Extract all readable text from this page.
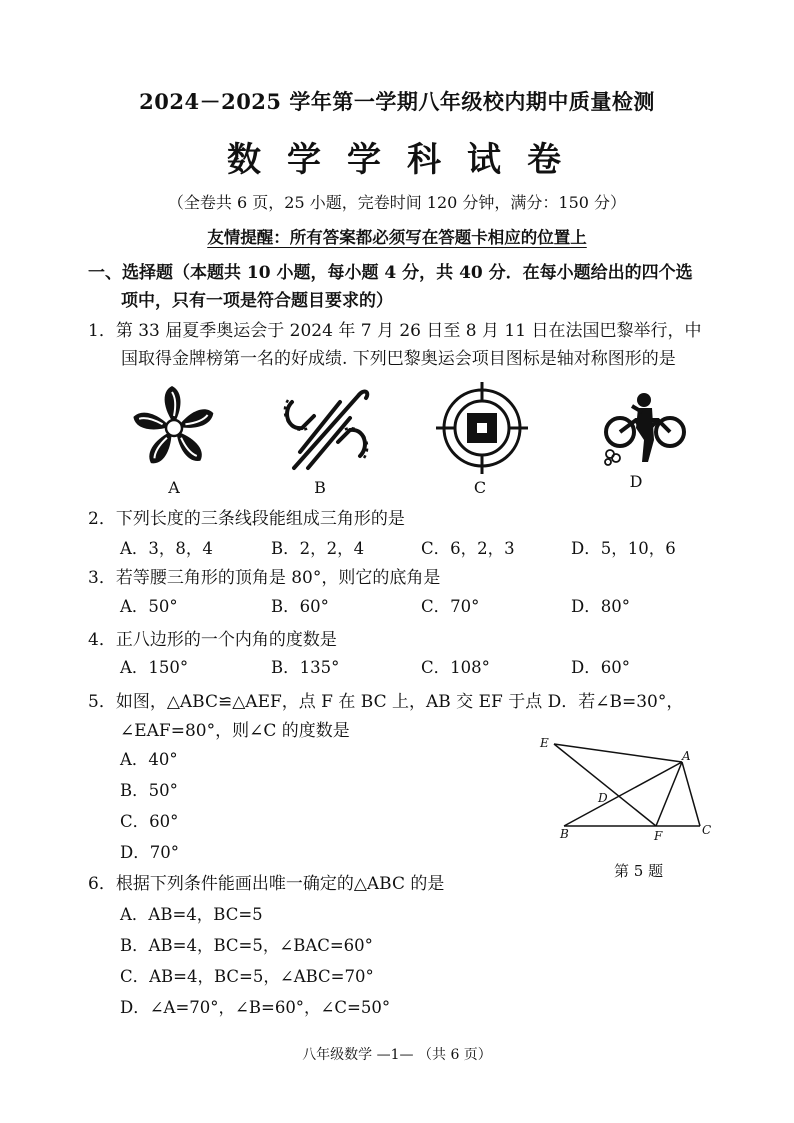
2024－2025 学年第一学期八年级校内期中质量检测
数学学科试卷
（全卷共 6 页，25 小题，完卷时间 120 分钟，满分：150 分）
友情提醒：所有答案都必须写在答题卡相应的位置上
一、选择题（本题共 10 小题，每小题 4 分，共 40 分．在每小题给出的四个选
项中，只有一项是符合题目要求的）
1．第 33 届夏季奥运会于 2024 年 7 月 26 日至 8 月 11 日在法国巴黎举行，中
国取得金牌榜第一名的好成绩. 下列巴黎奥运会项目图标是轴对称图形的是
A	B	C	D
2．下列长度的三条线段能组成三角形的是
A．3，8，4	B．2，2，4	C．6，2，3	D．5，10，6
3．若等腰三角形的顶角是 80°，则它的底角是
A．50°	B．60°	C．70°	D．80°
4．正八边形的一个内角的度数是
A．150°	B．135°	C．108°	D．60°
5．如图，△ABC≌△AEF，点 F 在 BC 上，AB 交 EF 于点 D．若∠B=30°，
∠EAF=80°，则∠C 的度数是
A．40°
B．50°
C．60°
D．70°
E
A
D
B	F	C
第 5 题
6．根据下列条件能画出唯一确定的△ABC 的是
A．AB=4，BC=5
B．AB=4，BC=5，∠BAC=60°
C．AB=4，BC=5，∠ABC=70°
D．∠A=70°，∠B=60°，∠C=50°
八年级数学 —1— （共 6 页）
